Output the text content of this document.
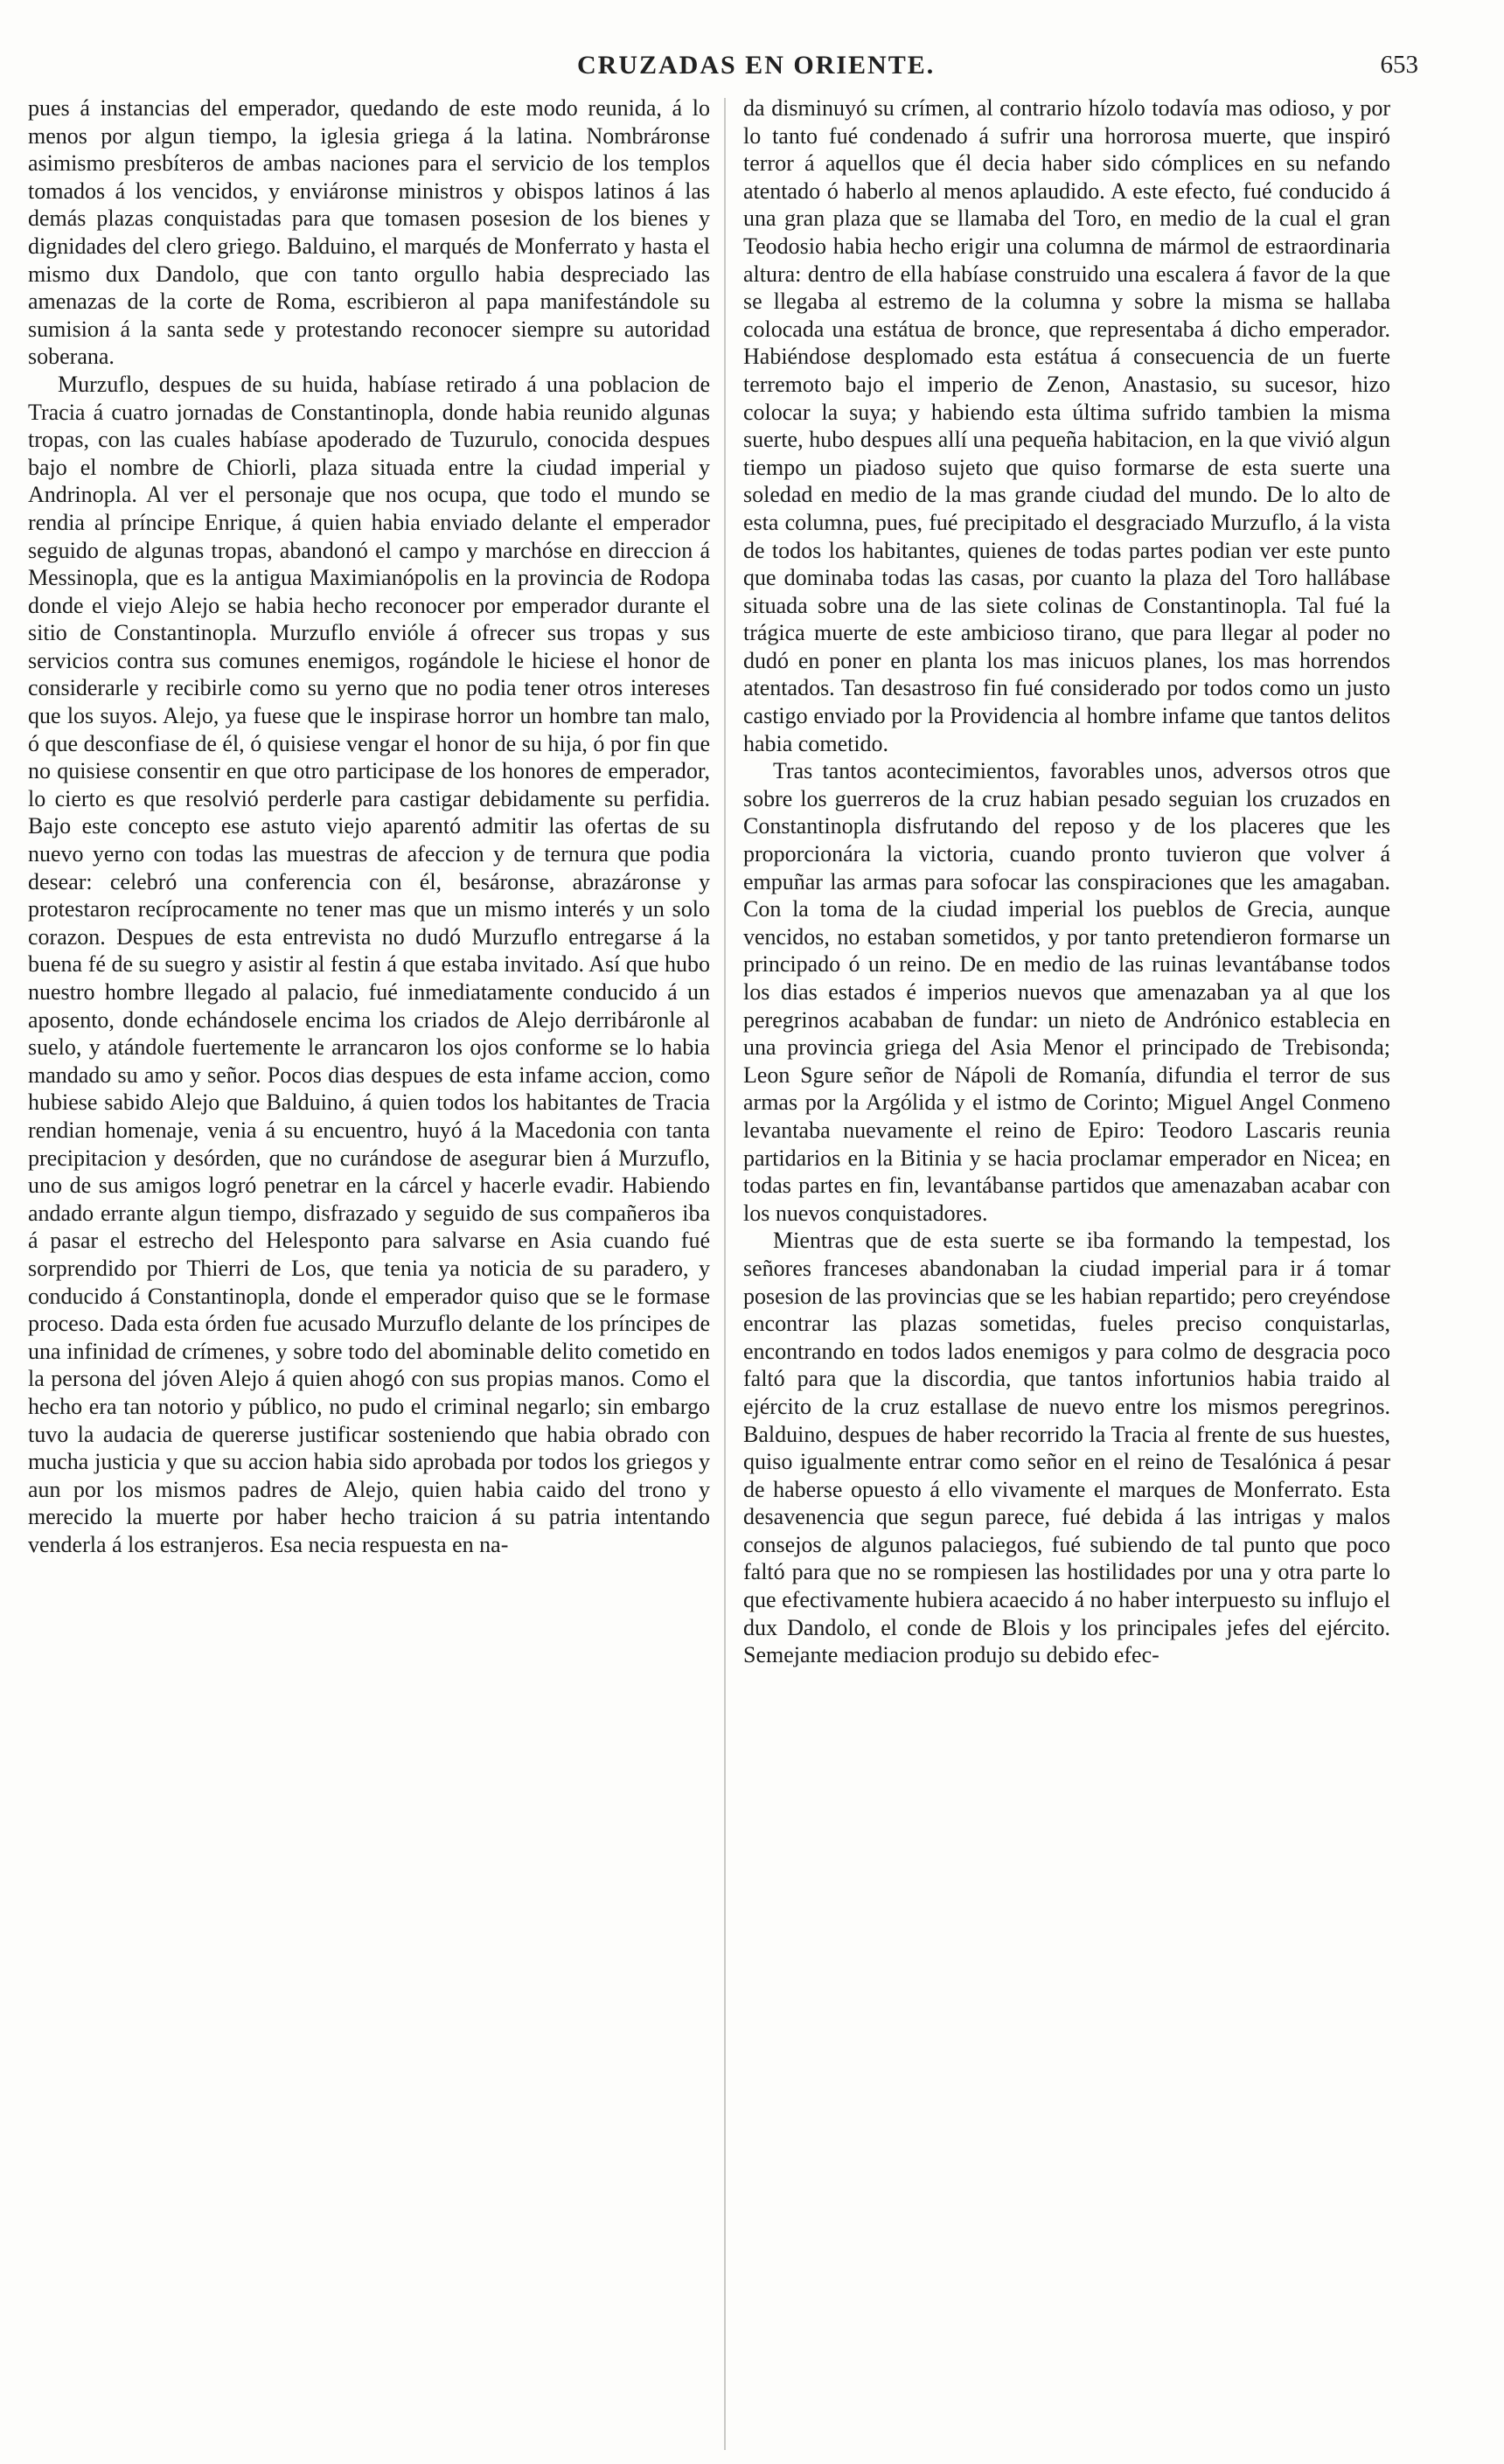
CRUZADAS EN ORIENTE.	653

pues á instancias del emperador, quedando de este modo reunida, á lo menos por algun tiempo, la iglesia griega á la latina. Nombráronse asimismo presbíteros de ambas naciones para el servicio de los templos tomados á los vencidos, y enviáronse ministros y obispos latinos á las demás plazas conquistadas para que tomasen posesion de los bienes y dignidades del clero griego. Balduino, el marqués de Monferrato y hasta el mismo dux Dandolo, que con tanto orgullo habia despreciado las amenazas de la corte de Roma, escribieron al papa manifestándole su sumision á la santa sede y protestando reconocer siempre su autoridad soberana.

Murzuflo, despues de su huida, habíase retirado á una poblacion de Tracia á cuatro jornadas de Constantinopla, donde habia reunido algunas tropas, con las cuales habíase apoderado de Tuzurulo, conocida despues bajo el nombre de Chiorli, plaza situada entre la ciudad imperial y Andrinopla. Al ver el personaje que nos ocupa, que todo el mundo se rendia al príncipe Enrique, á quien habia enviado delante el emperador seguido de algunas tropas, abandonó el campo y marchóse en direccion á Messinopla, que es la antigua Maximianópolis en la provincia de Rodopa donde el viejo Alejo se habia hecho reconocer por emperador durante el sitio de Constantinopla. Murzuflo envióle á ofrecer sus tropas y sus servicios contra sus comunes enemigos, rogándole le hiciese el honor de considerarle y recibirle como su yerno que no podia tener otros intereses que los suyos. Alejo, ya fuese que le inspirase horror un hombre tan malo, ó que desconfiase de él, ó quisiese vengar el honor de su hija, ó por fin que no quisiese consentir en que otro participase de los honores de emperador, lo cierto es que resolvió perderle para castigar debidamente su perfidia. Bajo este concepto ese astuto viejo aparentó admitir las ofertas de su nuevo yerno con todas las muestras de afeccion y de ternura que podia desear: celebró una conferencia con él, besáronse, abrazáronse y protestaron recíprocamente no tener mas que un mismo interés y un solo corazon. Despues de esta entrevista no dudó Murzuflo entregarse á la buena fé de su suegro y asistir al festin á que estaba invitado. Así que hubo nuestro hombre llegado al palacio, fué inmediatamente conducido á un aposento, donde echándosele encima los criados de Alejo derribáronle al suelo, y atándole fuertemente le arrancaron los ojos conforme se lo habia mandado su amo y señor. Pocos dias despues de esta infame accion, como hubiese sabido Alejo que Balduino, á quien todos los habitantes de Tracia rendian homenaje, venia á su encuentro, huyó á la Macedonia con tanta precipitacion y desórden, que no curándose de asegurar bien á Murzuflo, uno de sus amigos logró penetrar en la cárcel y hacerle evadir. Habiendo andado errante algun tiempo, disfrazado y seguido de sus compañeros iba á pasar el estrecho del Helesponto para salvarse en Asia cuando fué sorprendido por Thierri de Los, que tenia ya noticia de su paradero, y conducido á Constantinopla, donde el emperador quiso que se le formase proceso. Dada esta órden fue acusado Murzuflo delante de los príncipes de una infinidad de crímenes, y sobre todo del abominable delito cometido en la persona del jóven Alejo á quien ahogó con sus propias manos. Como el hecho era tan notorio y público, no pudo el criminal negarlo; sin embargo tuvo la audacia de quererse justificar sosteniendo que habia obrado con mucha justicia y que su accion habia sido aprobada por todos los griegos y aun por los mismos padres de Alejo, quien habia caido del trono y merecido la muerte por haber hecho traicion á su patria intentando venderla á los estranjeros. Esa necia respuesta en na-

da disminuyó su crímen, al contrario hízolo todavía mas odioso, y por lo tanto fué condenado á sufrir una horrorosa muerte, que inspiró terror á aquellos que él decia haber sido cómplices en su nefando atentado ó haberlo al menos aplaudido. A este efecto, fué conducido á una gran plaza que se llamaba del Toro, en medio de la cual el gran Teodosio habia hecho erigir una columna de mármol de estraordinaria altura: dentro de ella habíase construido una escalera á favor de la que se llegaba al estremo de la columna y sobre la misma se hallaba colocada una estátua de bronce, que representaba á dicho emperador. Habiéndose desplomado esta estátua á consecuencia de un fuerte terremoto bajo el imperio de Zenon, Anastasio, su sucesor, hizo colocar la suya; y habiendo esta última sufrido tambien la misma suerte, hubo despues allí una pequeña habitacion, en la que vivió algun tiempo un piadoso sujeto que quiso formarse de esta suerte una soledad en medio de la mas grande ciudad del mundo. De lo alto de esta columna, pues, fué precipitado el desgraciado Murzuflo, á la vista de todos los habitantes, quienes de todas partes podian ver este punto que dominaba todas las casas, por cuanto la plaza del Toro hallábase situada sobre una de las siete colinas de Constantinopla. Tal fué la trágica muerte de este ambicioso tirano, que para llegar al poder no dudó en poner en planta los mas inicuos planes, los mas horrendos atentados. Tan desastroso fin fué considerado por todos como un justo castigo enviado por la Providencia al hombre infame que tantos delitos habia cometido.

Tras tantos acontecimientos, favorables unos, adversos otros que sobre los guerreros de la cruz habian pesado seguian los cruzados en Constantinopla disfrutando del reposo y de los placeres que les proporcionára la victoria, cuando pronto tuvieron que volver á empuñar las armas para sofocar las conspiraciones que les amagaban. Con la toma de la ciudad imperial los pueblos de Grecia, aunque vencidos, no estaban sometidos, y por tanto pretendieron formarse un principado ó un reino. De en medio de las ruinas levantábanse todos los dias estados é imperios nuevos que amenazaban ya al que los peregrinos acababan de fundar: un nieto de Andrónico establecia en una provincia griega del Asia Menor el principado de Trebisonda; Leon Sgure señor de Nápoli de Romanía, difundia el terror de sus armas por la Argólida y el istmo de Corinto; Miguel Angel Conmeno levantaba nuevamente el reino de Epiro: Teodoro Lascaris reunia partidarios en la Bitinia y se hacia proclamar emperador en Nicea; en todas partes en fin, levantábanse partidos que amenazaban acabar con los nuevos conquistadores.

Mientras que de esta suerte se iba formando la tempestad, los señores franceses abandonaban la ciudad imperial para ir á tomar posesion de las provincias que se les habian repartido; pero creyéndose encontrar las plazas sometidas, fueles preciso conquistarlas, encontrando en todos lados enemigos y para colmo de desgracia poco faltó para que la discordia, que tantos infortunios habia traido al ejército de la cruz estallase de nuevo entre los mismos peregrinos. Balduino, despues de haber recorrido la Tracia al frente de sus huestes, quiso igualmente entrar como señor en el reino de Tesalónica á pesar de haberse opuesto á ello vivamente el marques de Monferrato. Esta desavenencia que segun parece, fué debida á las intrigas y malos consejos de algunos palaciegos, fué subiendo de tal punto que poco faltó para que no se rompiesen las hostilidades por una y otra parte lo que efectivamente hubiera acaecido á no haber interpuesto su influjo el dux Dandolo, el conde de Blois y los principales jefes del ejército. Semejante mediacion produjo su debido efec-
